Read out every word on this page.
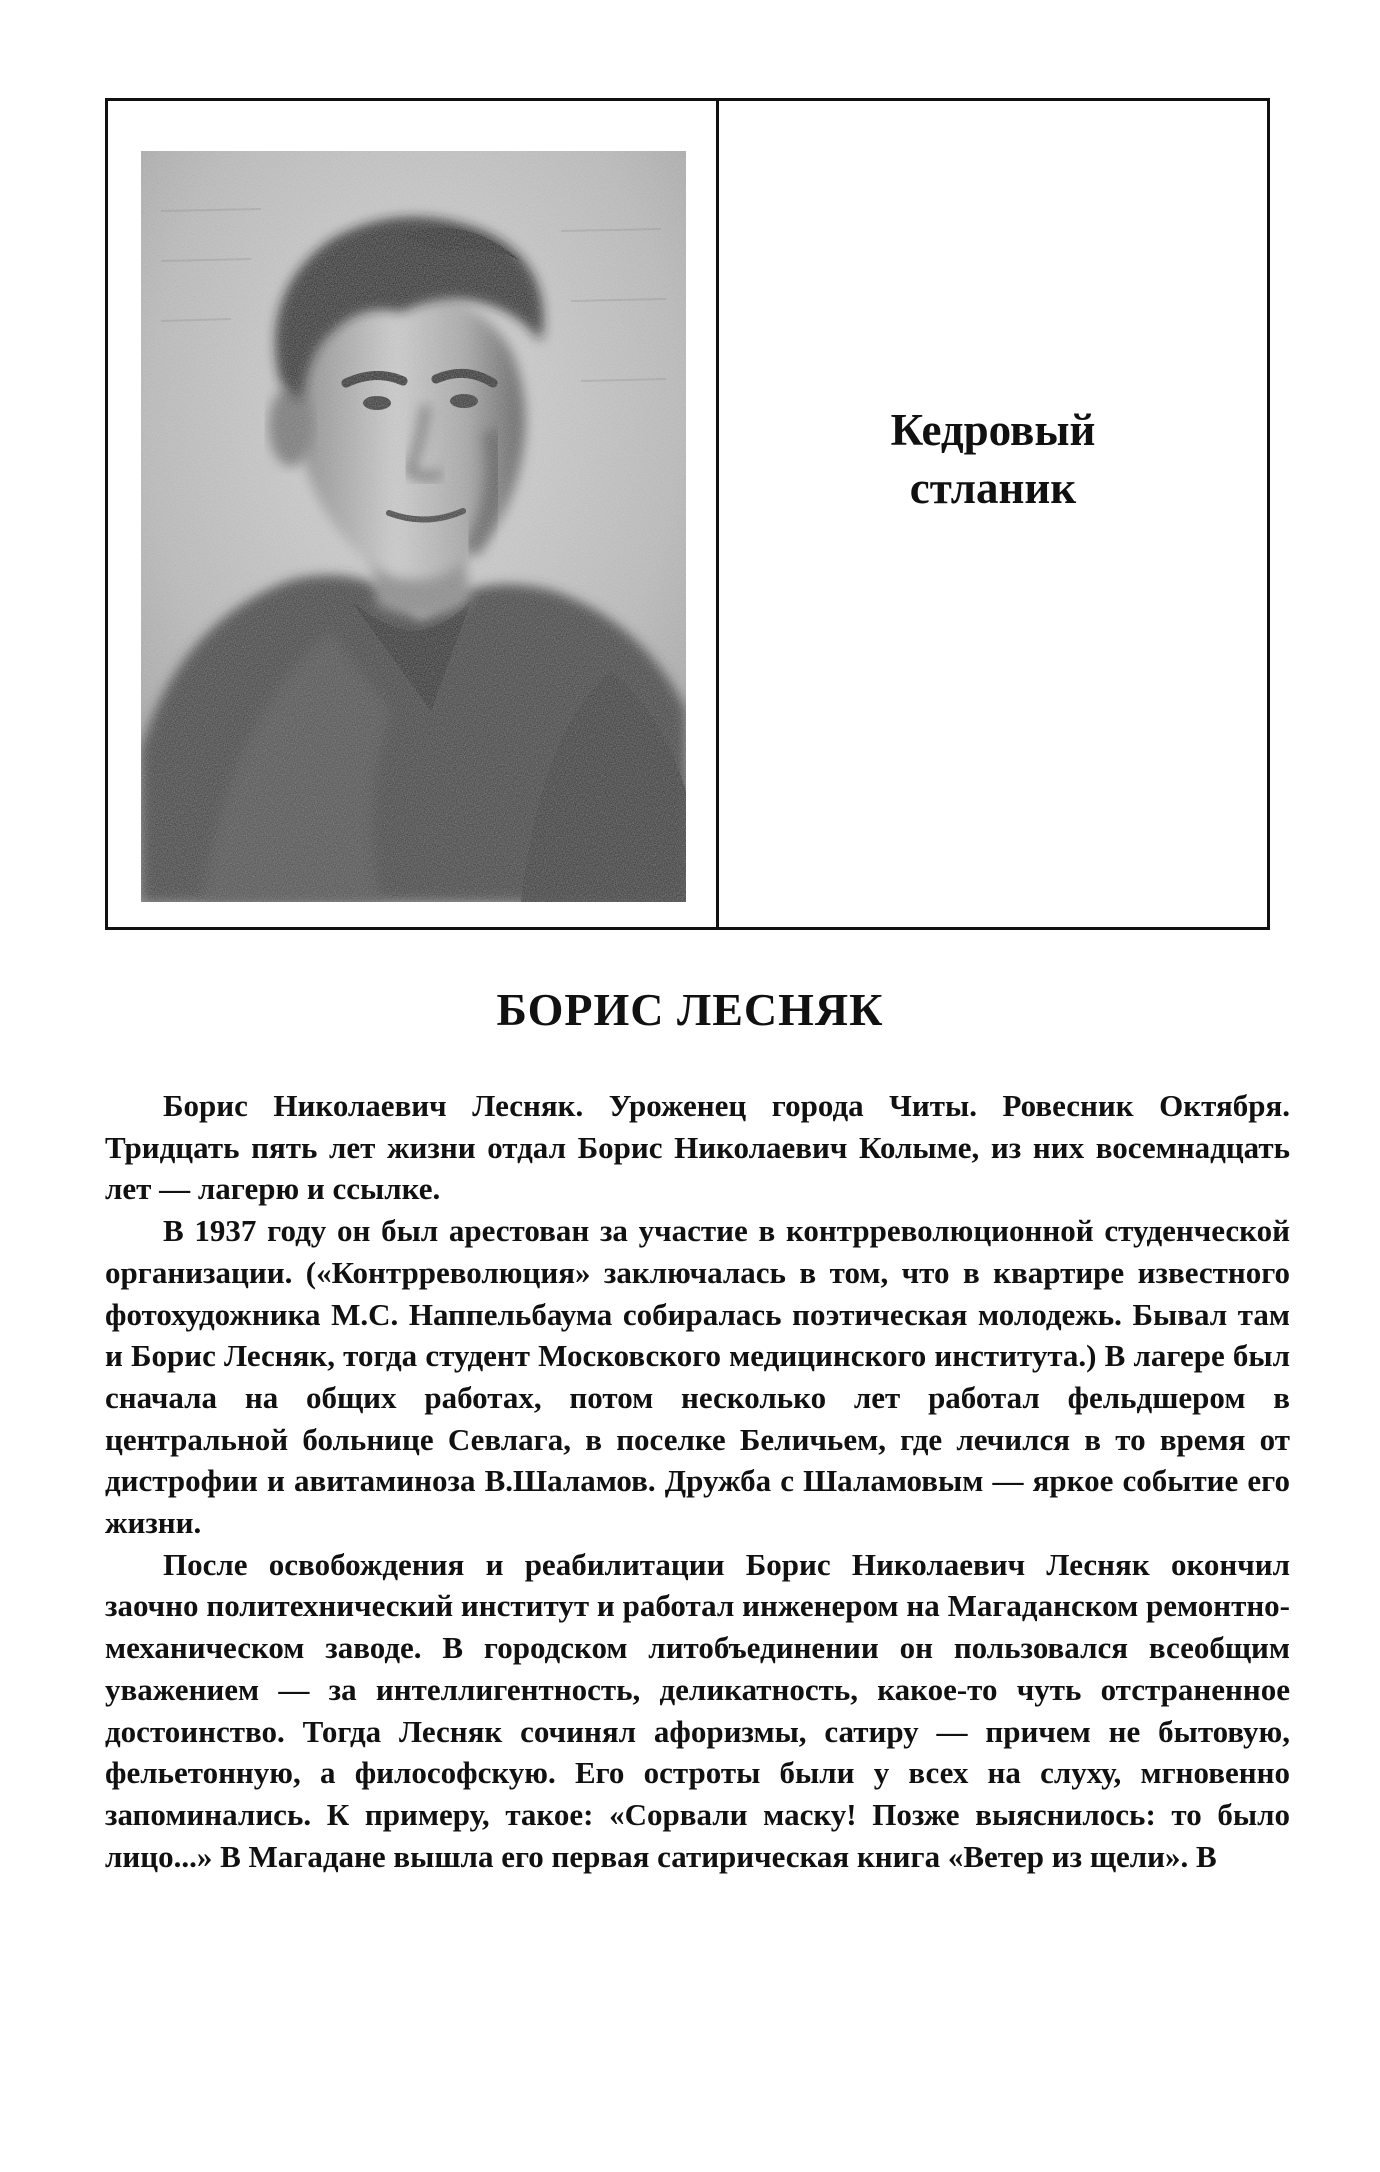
Кедровый
стланик
БОРИС ЛЕСНЯК

Борис Николаевич Лесняк. Уроженец города Читы. Ровесник Октября. Тридцать пять лет жизни отдал Борис Николаевич Колыме, из них восемнадцать лет — лагерю и ссылке.

В 1937 году он был арестован за участие в контрреволюционной студенческой организации. («Контрреволюция» заключалась в том, что в квартире известного фотохудожника М.С. Наппельбаума собиралась поэтическая молодежь. Бывал там и Борис Лесняк, тогда студент Московского медицинского института.) В лагере был сначала на общих работах, потом несколько лет работал фельдшером в центральной больнице Севлага, в поселке Беличьем, где лечился в то время от дистрофии и авитаминоза В.Шаламов. Дружба с Шаламовым — яркое событие его жизни.

После освобождения и реабилитации Борис Николаевич Лесняк окончил заочно политехнический институт и работал инженером на Магаданском ремонтно-механическом заводе. В городском литобъединении он пользовался всеобщим уважением — за интеллигентность, деликатность, какое-то чуть отстраненное достоинство. Тогда Лесняк сочинял афоризмы, сатиру — причем не бытовую, фельетонную, а философскую. Его остроты были у всех на слуху, мгновенно запоминались. К примеру, такое: «Сорвали маску! Позже выяснилось: то было лицо...» В Магадане вышла его первая сатирическая книга «Ветер из щели». В
